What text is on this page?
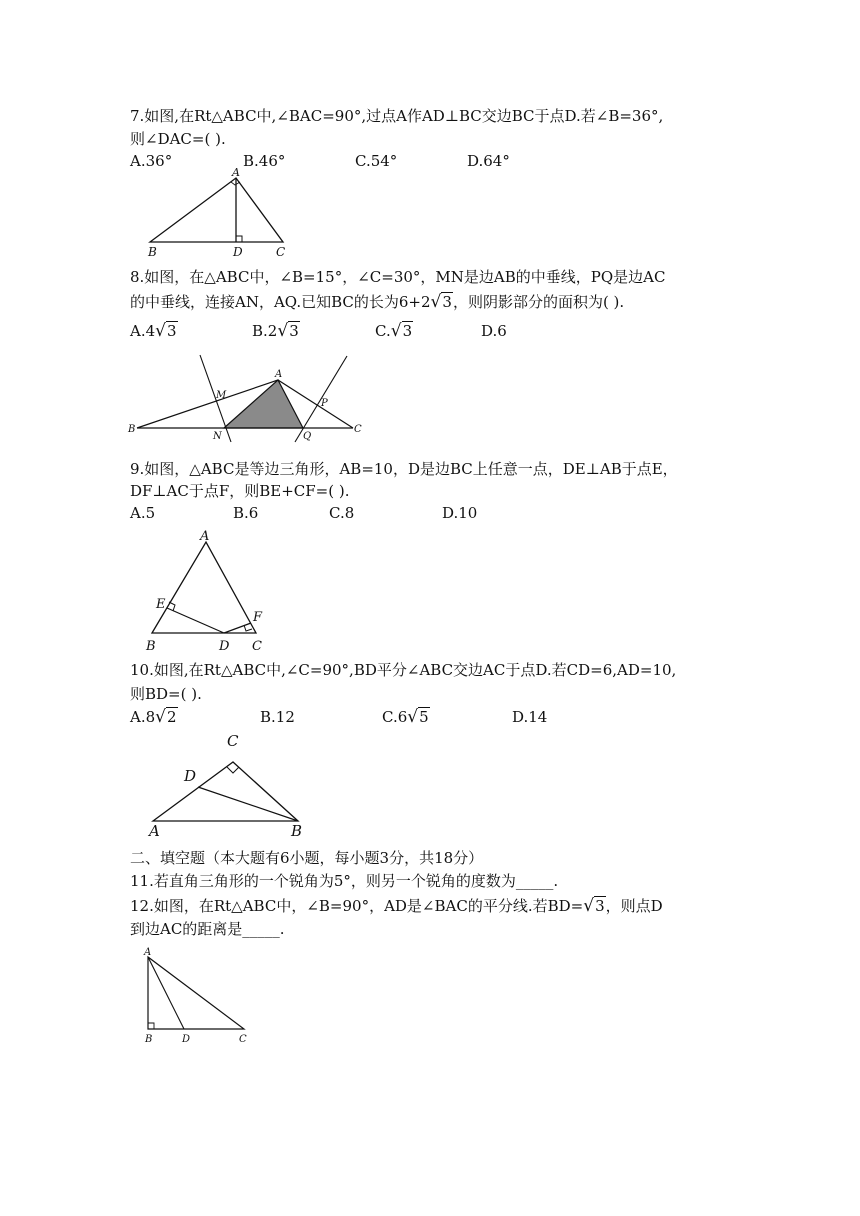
7.如图,在Rt△ABC中,∠BAC=90°,过点A作AD⊥BC交边BC于点D.若∠B=36°,
则∠DAC=( ).
A.36°	B.46°	C.54°	D.64°
A
B	D	C
8.如图，在△ABC中，∠B=15°，∠C=30°，MN是边AB的中垂线，PQ是边AC
的中垂线，连接AN，AQ.已知BC的长为6+2√3，则阴影部分的面积为( ).
A.4√3	B.2√3	C.√3	D.6
A
M
P
B
N	Q
C
9.如图，△ABC是等边三角形，AB=10，D是边BC上任意一点，DE⊥AB于点E，
DF⊥AC于点F，则BE+CF=( ).
A.5	B.6	C.8	D.10
A
E
F
B	D C
10.如图,在Rt△ABC中,∠C=90°,BD平分∠ABC交边AC于点D.若CD=6,AD=10,
则BD=( ).
A.8√2	B.12	C.6√5	D.14
C
D
A	B
二、填空题（本大题有6小题，每小题3分，共18分）
11.若直角三角形的一个锐角为5°，则另一个锐角的度数为_____.
12.如图，在Rt△ABC中，∠B=90°，AD是∠BAC的平分线.若BD=√3，则点D
到边AC的距离是_____.
A
B	D	C
